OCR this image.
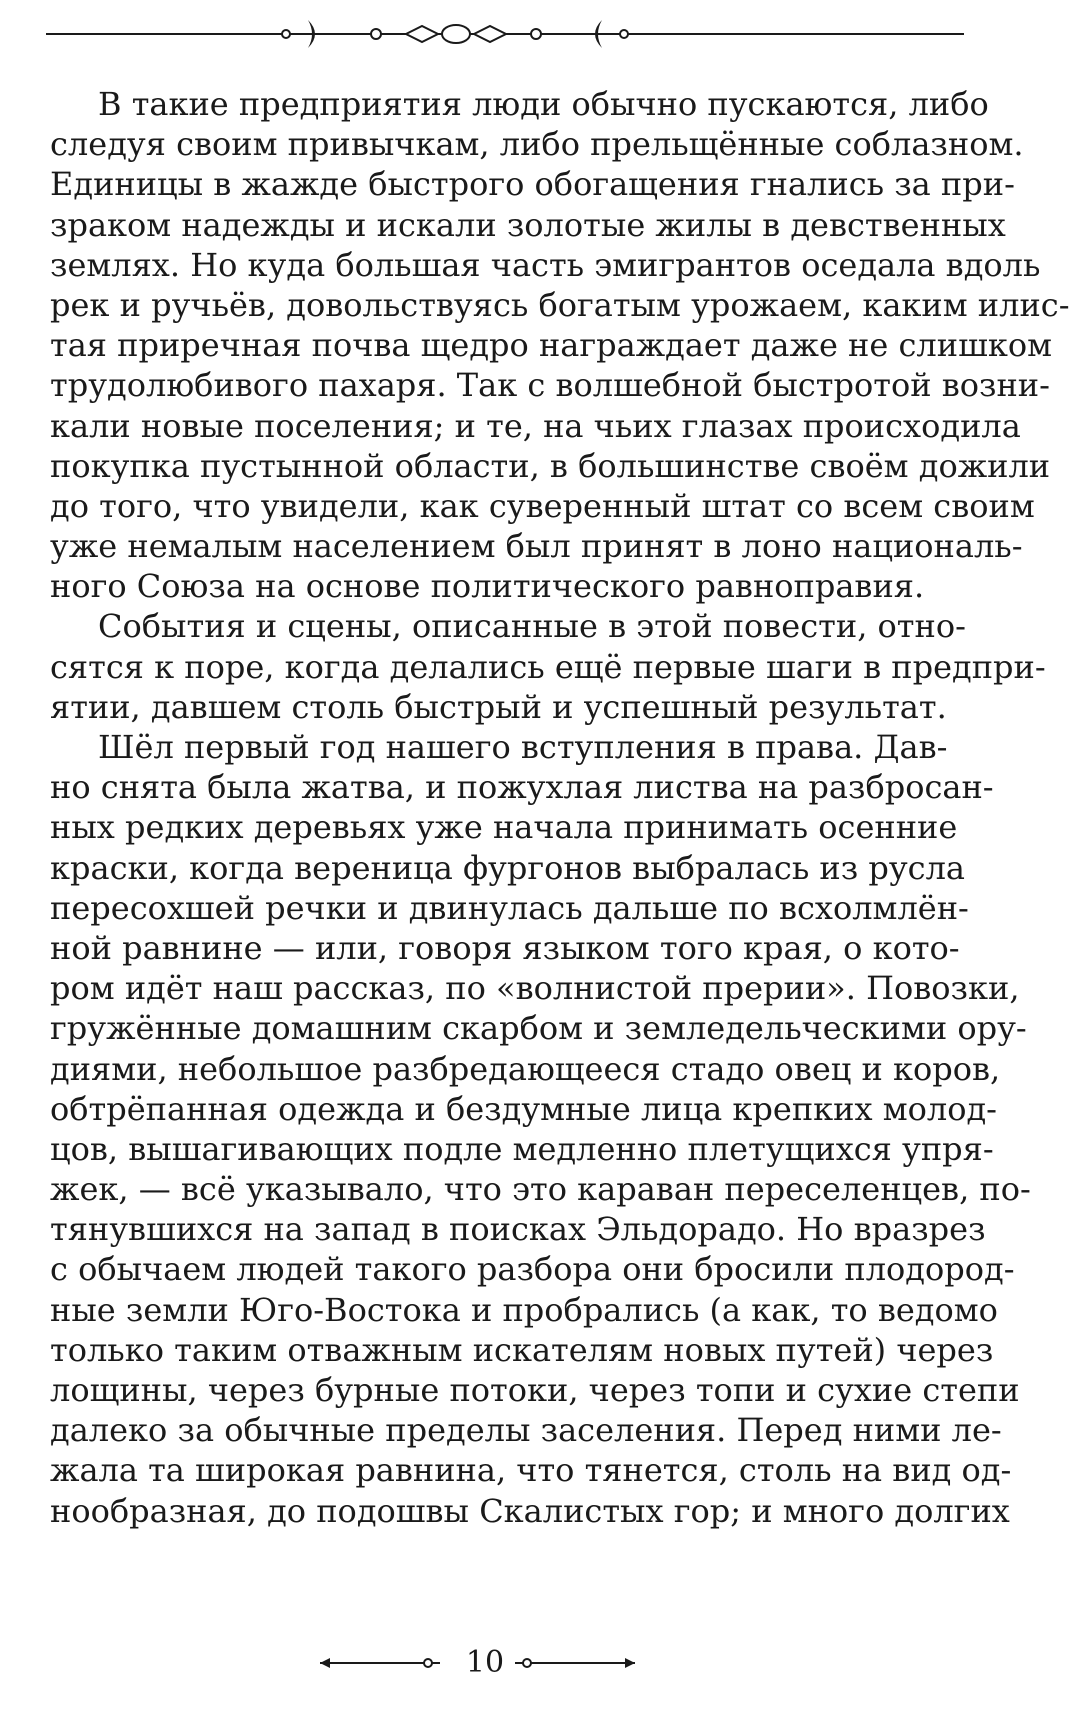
В такие предприятия люди обычно пускаются, либо
следуя своим привычкам, либо прельщённые соблазном.
Единицы в жажде быстрого обогащения гнались за при-
зраком надежды и искали золотые жилы в девственных
землях. Но куда большая часть эмигрантов оседала вдоль
рек и ручьёв, довольствуясь богатым урожаем, каким илис-
тая приречная почва щедро награждает даже не слишком
трудолюбивого пахаря. Так с волшебной быстротой возни-
кали новые поселения; и те, на чьих глазах происходила
покупка пустынной области, в большинстве своём дожили
до того, что увидели, как суверенный штат со всем своим
уже немалым населением был принят в лоно националь-
ного Союза на основе политического равноправия.
События и сцены, описанные в этой повести, отно-
сятся к поре, когда делались ещё первые шаги в предпри-
ятии, давшем столь быстрый и успешный результат.
Шёл первый год нашего вступления в права. Дав-
но снята была жатва, и пожухлая листва на разбросан-
ных редких деревьях уже начала принимать осенние
краски, когда вереница фургонов выбралась из русла
пересохшей речки и двинулась дальше по всхолмлён-
ной равнине — или, говоря языком того края, о кото-
ром идёт наш рассказ, по «волнистой прерии». Повозки,
гружённые домашним скарбом и земледельческими ору-
диями, небольшое разбредающееся стадо овец и коров,
обтрёпанная одежда и бездумные лица крепких молод-
цов, вышагивающих подле медленно плетущихся упря-
жек, — всё указывало, что это караван переселенцев, по-
тянувшихся на запад в поисках Эльдорадо. Но вразрез
с обычаем людей такого разбора они бросили плодород-
ные земли Юго-Востока и пробрались (а как, то ведомо
только таким отважным искателям новых путей) через
лощины, через бурные потоки, через топи и сухие степи
далеко за обычные пределы заселения. Перед ними ле-
жала та широкая равнина, что тянется, столь на вид од-
нообразная, до подошвы Скалистых гор; и много долгих
10
